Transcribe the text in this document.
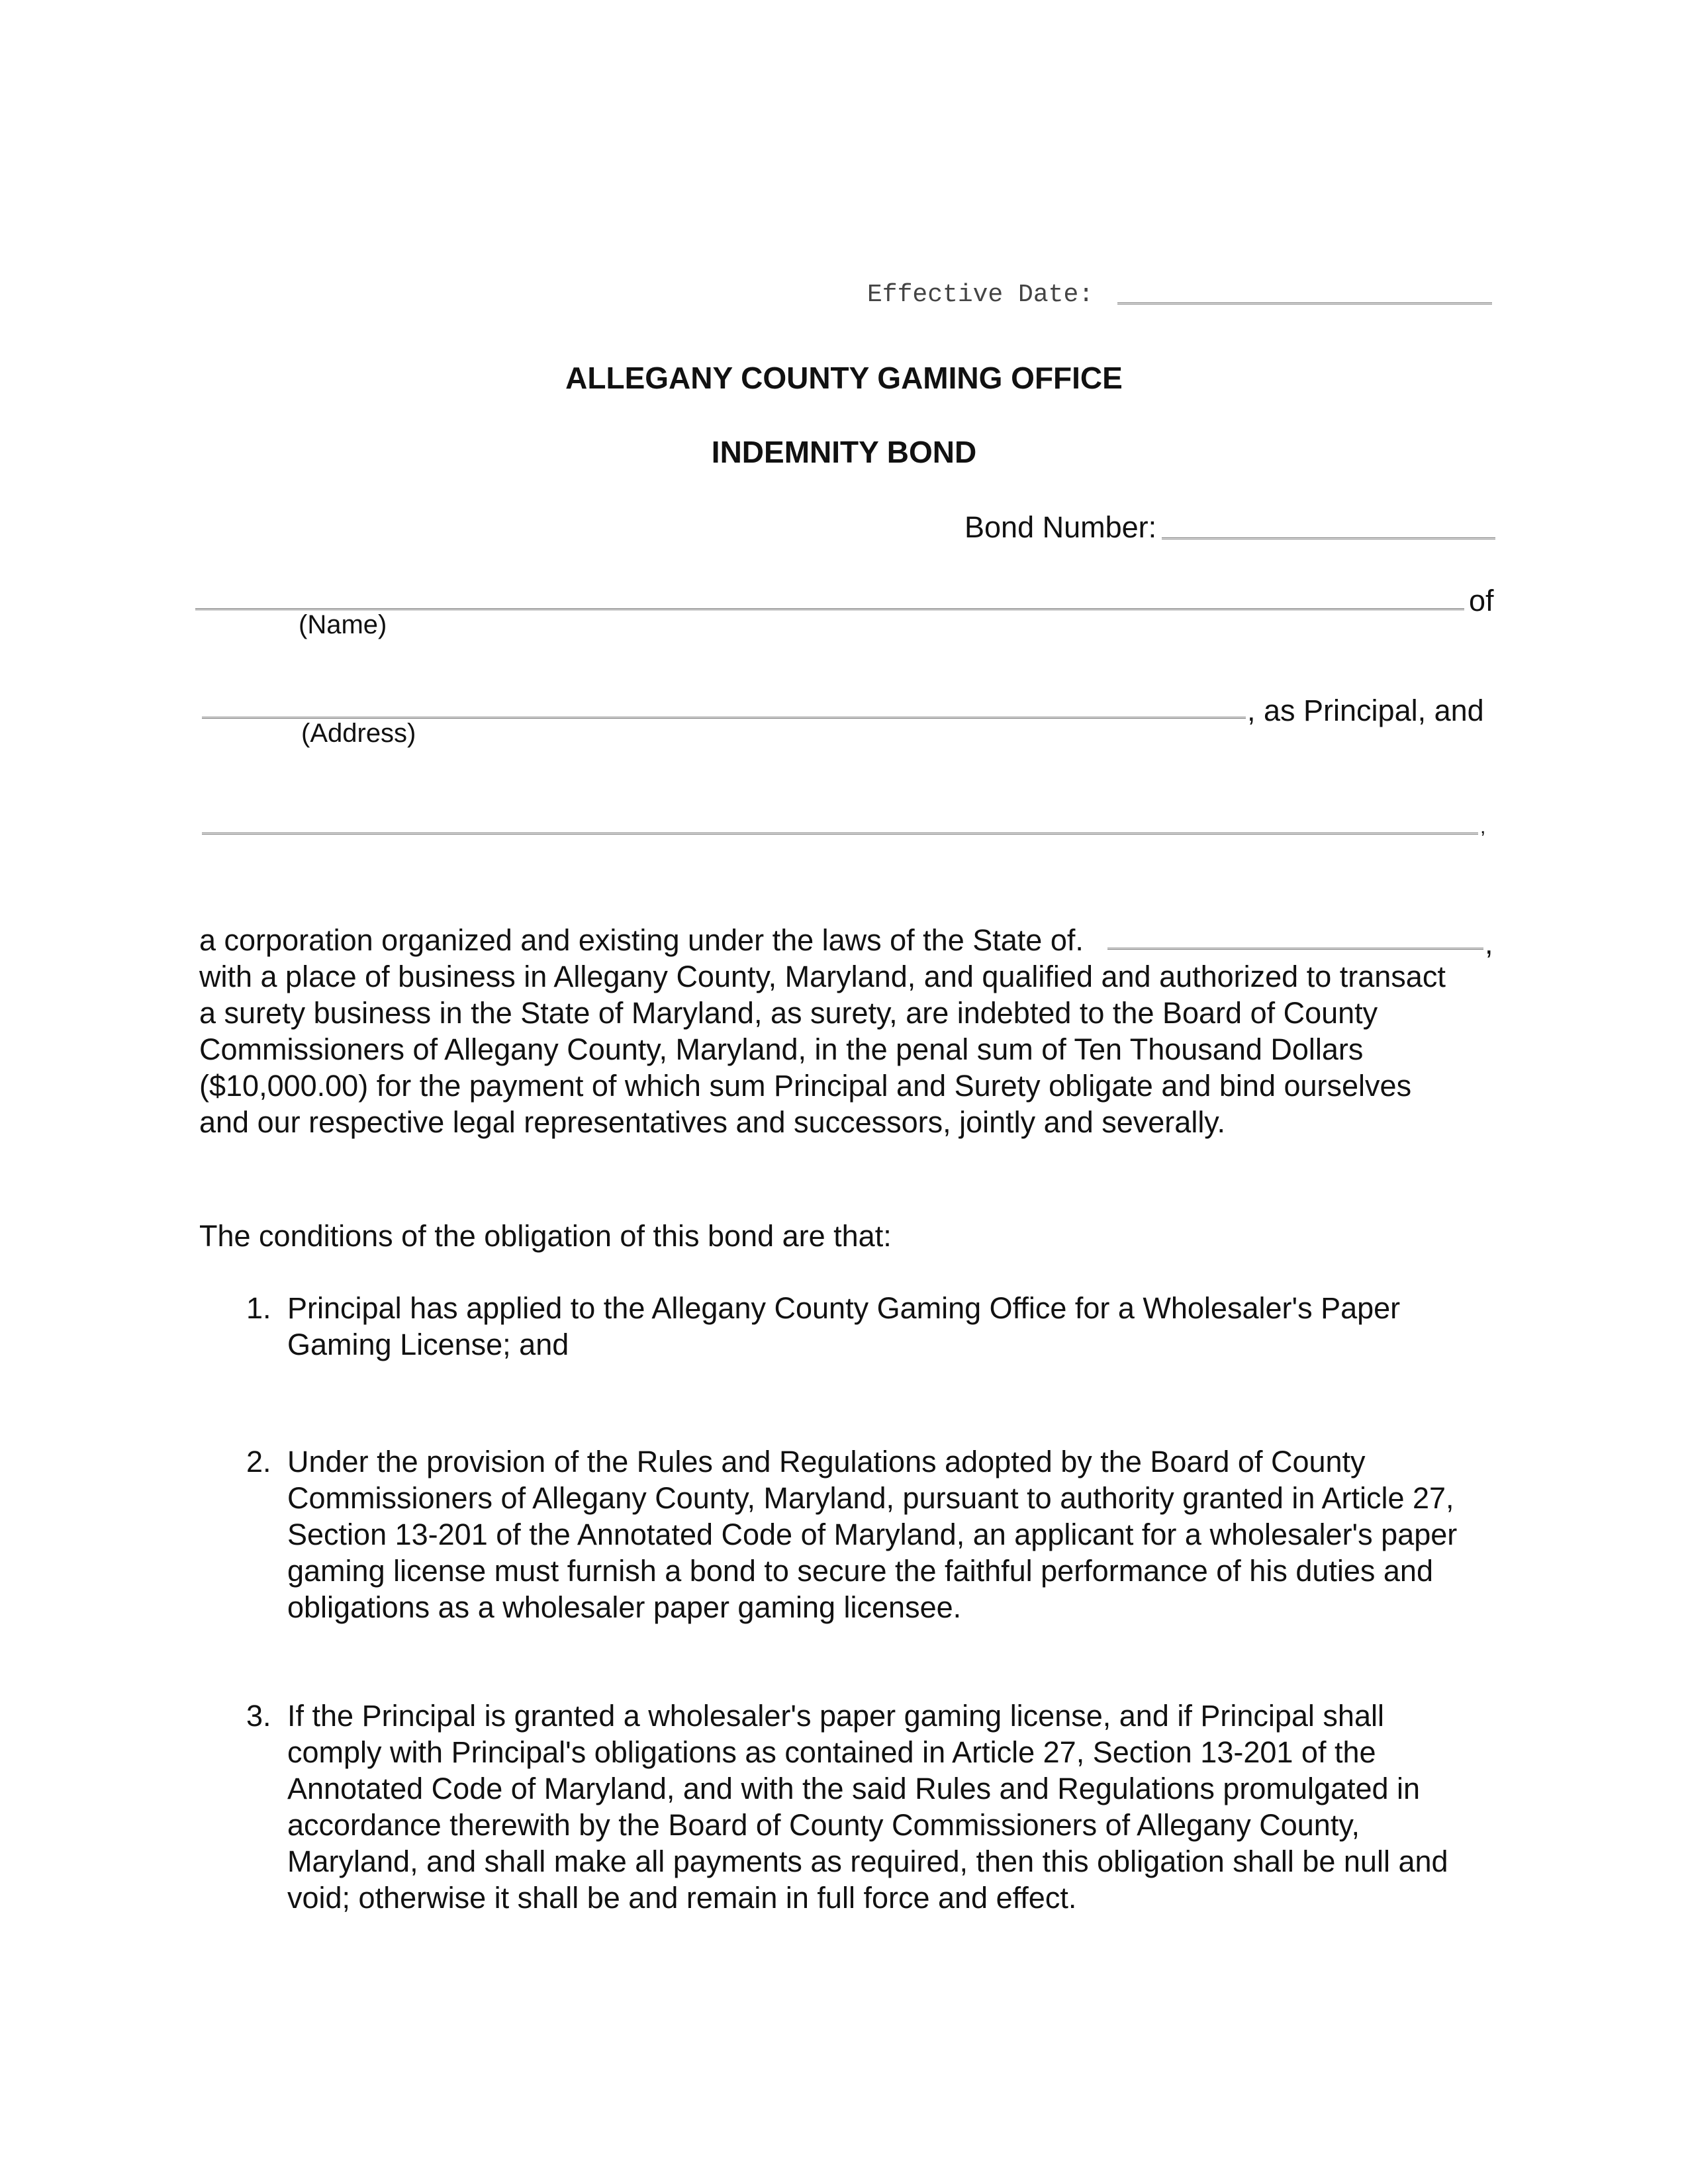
Effective Date:
ALLEGANY COUNTY GAMING OFFICE
INDEMNITY BOND
Bond Number:
of
(Name)
, as Principal, and
(Address)
,
a corporation organized and existing under the laws of the State of.
with a place of business in Allegany County, Maryland, and qualified and authorized to transact
a surety business in the State of Maryland, as surety, are indebted to the Board of County
Commissioners of Allegany County, Maryland, in the penal sum of Ten Thousand Dollars
($10,000.00) for the payment of which sum Principal and Surety obligate and bind ourselves
and our respective legal representatives and successors, jointly and severally.
,
The conditions of the obligation of this bond are that:
1. Principal has applied to the Allegany County Gaming Office for a Wholesaler's Paper
Gaming License; and
2. Under the provision of the Rules and Regulations adopted by the Board of County
Commissioners of Allegany County, Maryland, pursuant to authority granted in Article 27,
Section 13-201 of the Annotated Code of Maryland, an applicant for a wholesaler's paper
gaming license must furnish a bond to secure the faithful performance of his duties and
obligations as a wholesaler paper gaming licensee.
3. If the Principal is granted a wholesaler's paper gaming license, and if Principal shall
comply with Principal's obligations as contained in Article 27, Section 13-201 of the
Annotated Code of Maryland, and with the said Rules and Regulations promulgated in
accordance therewith by the Board of County Commissioners of Allegany County,
Maryland, and shall make all payments as required, then this obligation shall be null and
void; otherwise it shall be and remain in full force and effect.
